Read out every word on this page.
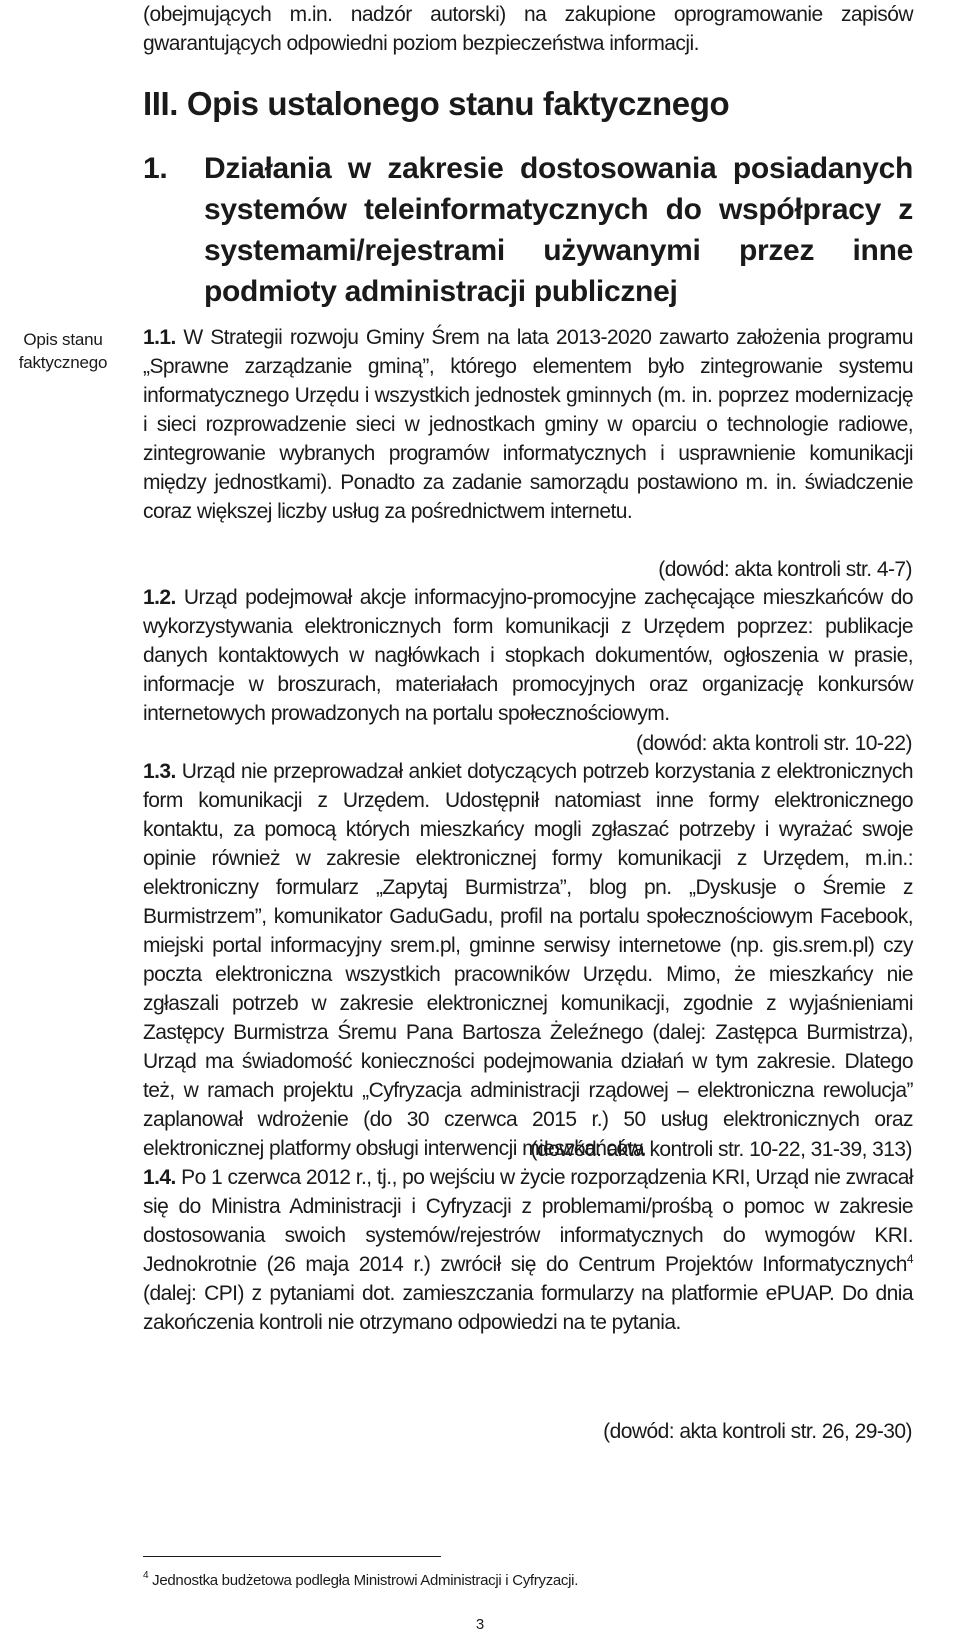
(obejmujących m.in. nadzór autorski) na zakupione oprogramowanie zapisów gwarantujących odpowiedni poziom bezpieczeństwa informacji.
III. Opis ustalonego stanu faktycznego
1. Działania w zakresie dostosowania posiadanych systemów teleinformatycznych do współpracy z systemami/rejestrami używanymi przez inne podmioty administracji publicznej
Opis stanu
faktycznego
1.1. W Strategii rozwoju Gminy Śrem na lata 2013-2020 zawarto założenia programu „Sprawne zarządzanie gminą”, którego elementem było zintegrowanie systemu informatycznego Urzędu i wszystkich jednostek gminnych (m. in. poprzez modernizację i sieci rozprowadzenie sieci w jednostkach gminy w oparciu o technologie radiowe, zintegrowanie wybranych programów informatycznych i usprawnienie komunikacji między jednostkami). Ponadto za zadanie samorządu postawiono m. in. świadczenie coraz większej liczby usług za pośrednictwem internetu.
(dowód: akta kontroli str. 4-7)
1.2. Urząd podejmował akcje informacyjno-promocyjne zachęcające mieszkańców do wykorzystywania elektronicznych form komunikacji z Urzędem poprzez: publikacje danych kontaktowych w nagłówkach i stopkach dokumentów, ogłoszenia w prasie, informacje w broszurach, materiałach promocyjnych oraz organizację konkursów internetowych prowadzonych na portalu społecznościowym.
(dowód: akta kontroli str. 10-22)
1.3. Urząd nie przeprowadzał ankiet dotyczących potrzeb korzystania z elektronicznych form komunikacji z Urzędem. Udostępnił natomiast inne formy elektronicznego kontaktu, za pomocą których mieszkańcy mogli zgłaszać potrzeby i wyrażać swoje opinie również w zakresie elektronicznej formy komunikacji z Urzędem, m.in.: elektroniczny formularz „Zapytaj Burmistrza”, blog pn. „Dyskusje o Śremie z Burmistrzem”, komunikator GaduGadu, profil na portalu społecznościowym Facebook, miejski portal informacyjny srem.pl, gminne serwisy internetowe (np. gis.srem.pl) czy poczta elektroniczna wszystkich pracowników Urzędu. Mimo, że mieszkańcy nie zgłaszali potrzeb w zakresie elektronicznej komunikacji, zgodnie z wyjaśnieniami Zastępcy Burmistrza Śremu Pana Bartosza Żeleźnego (dalej: Zastępca Burmistrza), Urząd ma świadomość konieczności podejmowania działań w tym zakresie. Dlatego też, w ramach projektu „Cyfryzacja administracji rządowej – elektroniczna rewolucja” zaplanował wdrożenie (do 30 czerwca 2015 r.) 50 usług elektronicznych oraz elektronicznej platformy obsługi interwencji mieszkańców.
(dowód: akta kontroli str. 10-22, 31-39, 313)
1.4. Po 1 czerwca 2012 r., tj., po wejściu w życie rozporządzenia KRI, Urząd nie zwracał się do Ministra Administracji i Cyfryzacji z problemami/prośbą o pomoc w zakresie dostosowania swoich systemów/rejestrów informatycznych do wymogów KRI. Jednokrotnie (26 maja 2014 r.) zwrócił się do Centrum Projektów Informatycznych$^4$ (dalej: CPI) z pytaniami dot. zamieszczania formularzy na platformie ePUAP. Do dnia zakończenia kontroli nie otrzymano odpowiedzi na te pytania.
(dowód: akta kontroli str. 26, 29-30)
$^4$ Jednostka budżetowa podległa Ministrowi Administracji i Cyfryzacji.
3
